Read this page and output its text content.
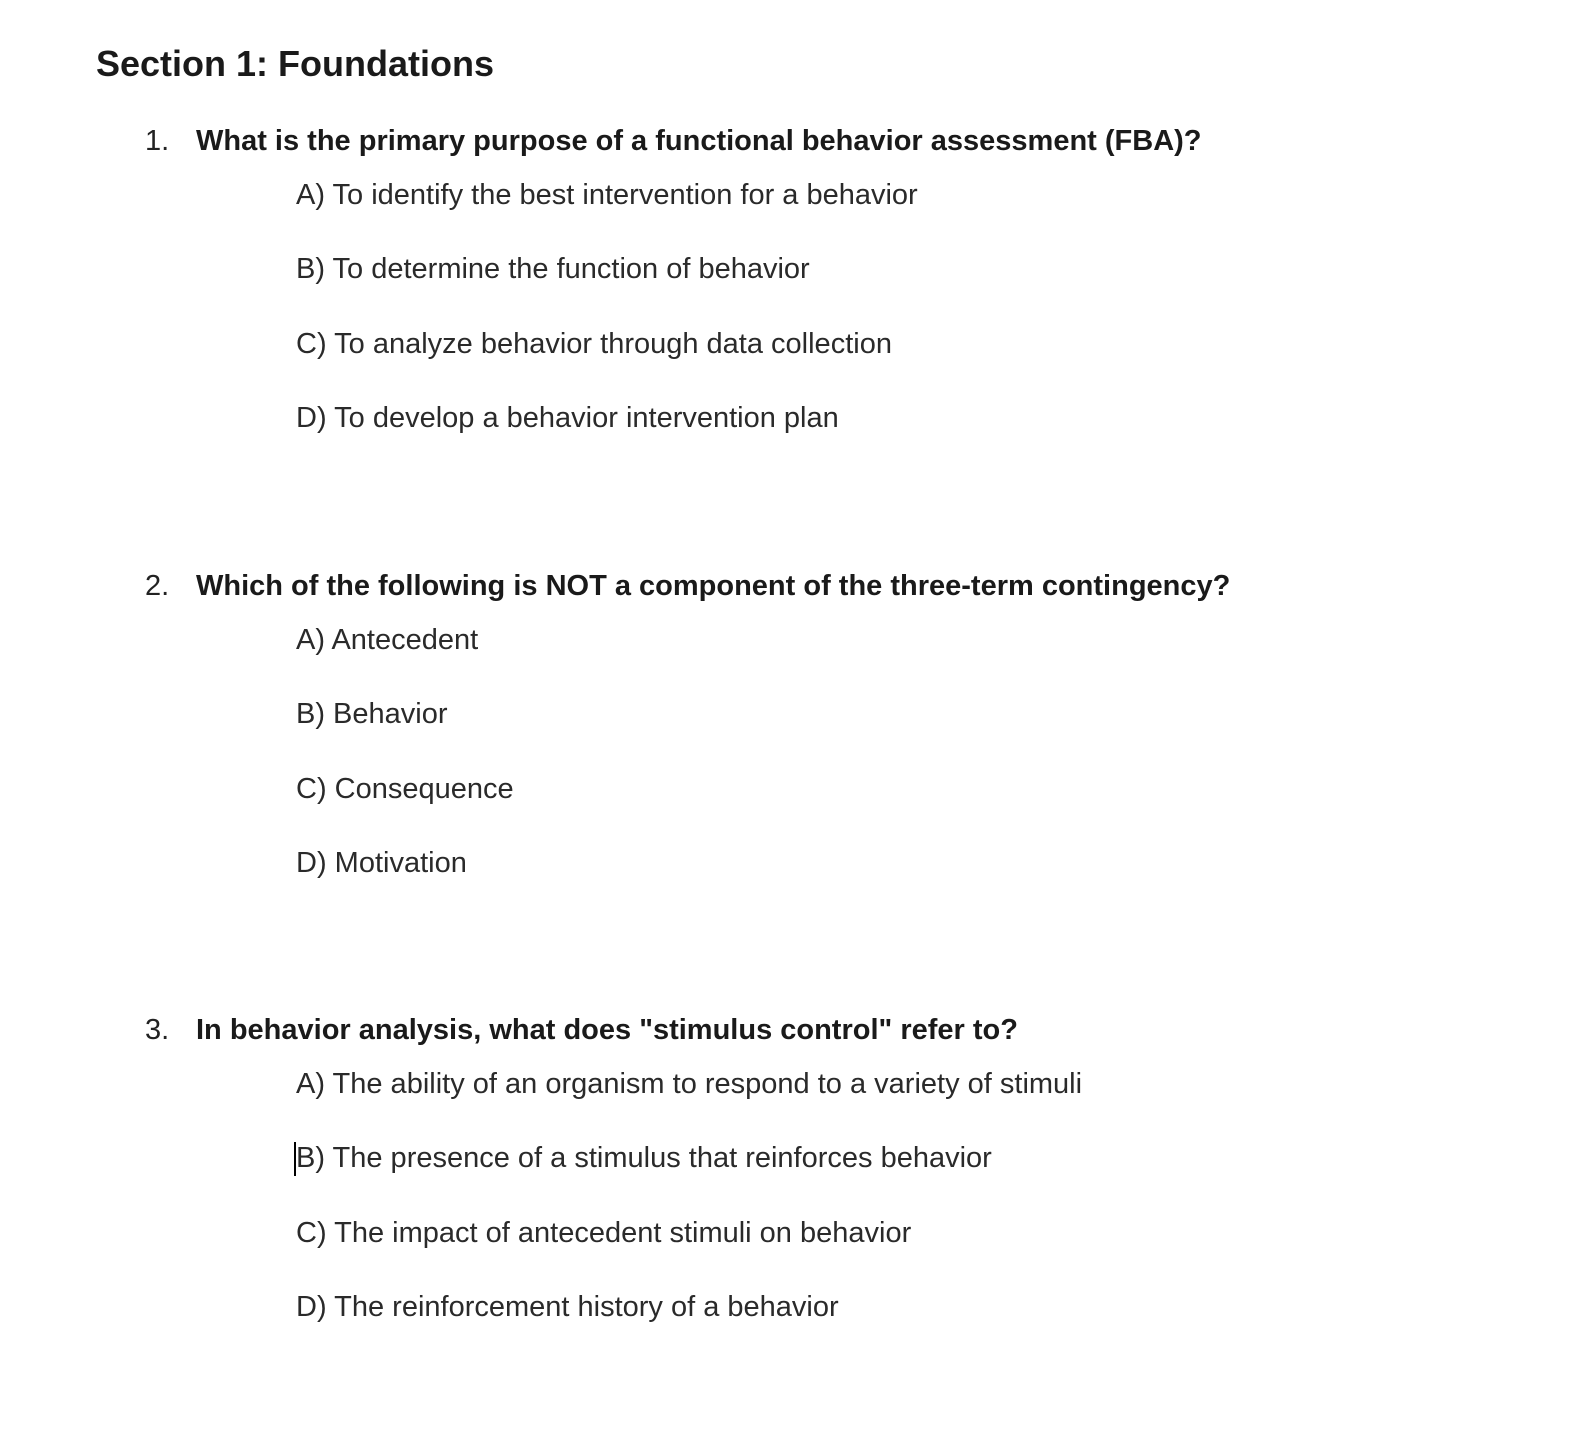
Section 1: Foundations
1. What is the primary purpose of a functional behavior assessment (FBA)?
A) To identify the best intervention for a behavior
B) To determine the function of behavior
C) To analyze behavior through data collection
D) To develop a behavior intervention plan
2. Which of the following is NOT a component of the three-term contingency?
A) Antecedent
B) Behavior
C) Consequence
D) Motivation
3. In behavior analysis, what does "stimulus control" refer to?
A) The ability of an organism to respond to a variety of stimuli
B) The presence of a stimulus that reinforces behavior
C) The impact of antecedent stimuli on behavior
D) The reinforcement history of a behavior
